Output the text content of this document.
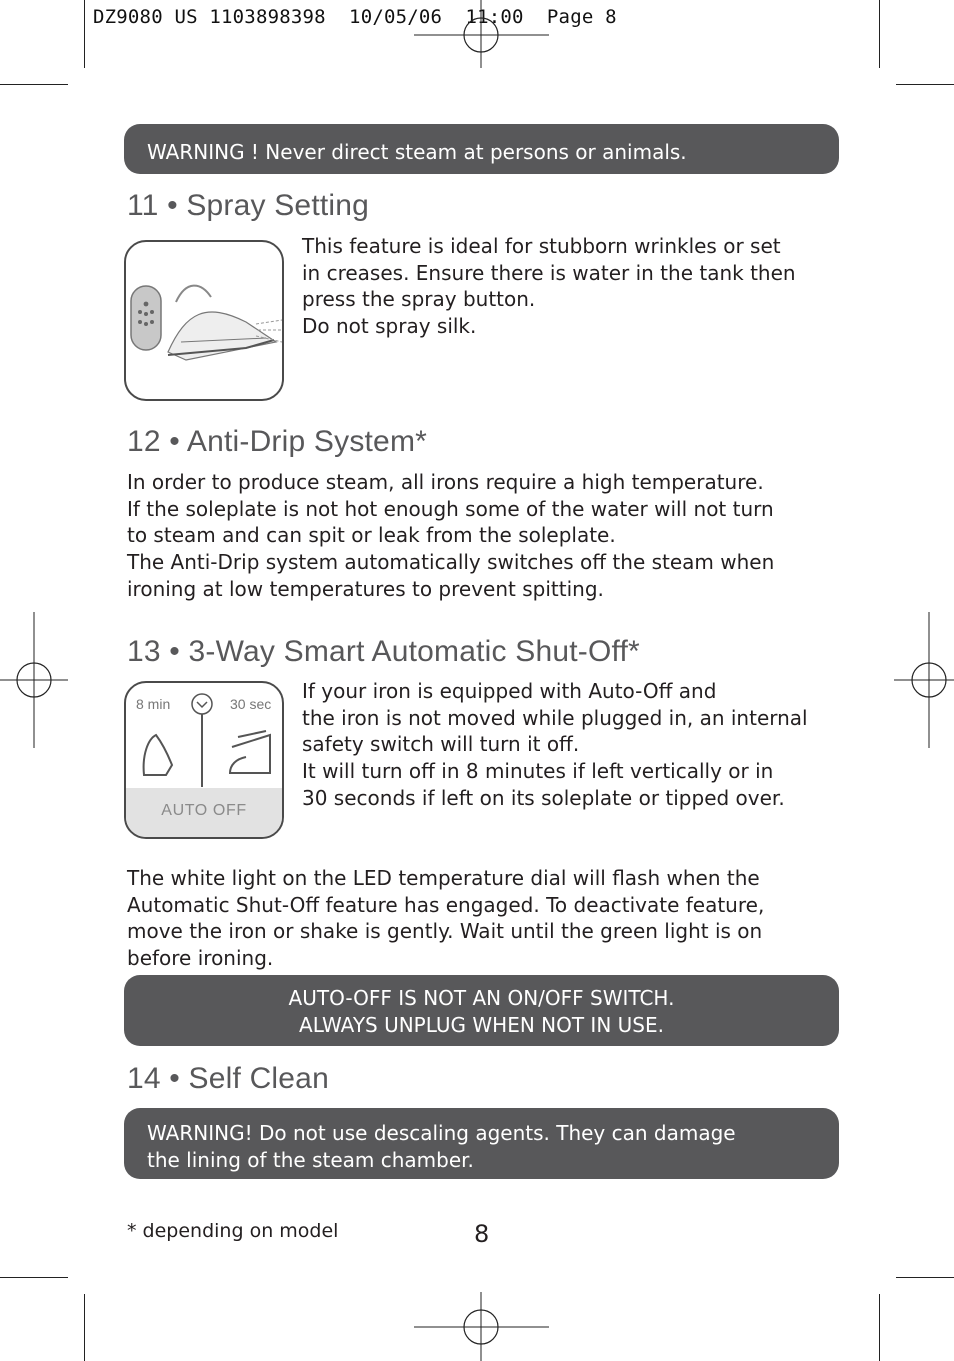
DZ9080 US 1103898398  10/05/06  11:00  Page 8
WARNING ! Never direct steam at persons or animals.
11 • Spray Setting
This feature is ideal for stubborn wrinkles or set
in creases. Ensure there is water in the tank then
press the spray button.
Do not spray silk.
12 • Anti-Drip System*
In order to produce steam, all irons require a high temperature.
If the soleplate is not hot enough some of the water will not turn
to steam and can spit or leak from the soleplate.
The Anti-Drip system automatically switches off the steam when
ironing at low temperatures to prevent spitting.
13 • 3-Way Smart Automatic Shut-Off*
8 min	30 sec
AUTO OFF
If your iron is equipped with Auto-Off and
the iron is not moved while plugged in, an internal
safety switch will turn it off.
It will turn off in 8 minutes if left vertically or in
30 seconds if left on its soleplate or tipped over.
The white light on the LED temperature dial will flash when the
Automatic Shut-Off feature has engaged. To deactivate feature,
move the iron or shake is gently. Wait until the green light is on
before ironing.
AUTO-OFF IS NOT AN ON/OFF SWITCH.
ALWAYS UNPLUG WHEN NOT IN USE.
14 • Self Clean
WARNING! Do not use descaling agents. They can damage
the lining of the steam chamber.
* depending on model	8
